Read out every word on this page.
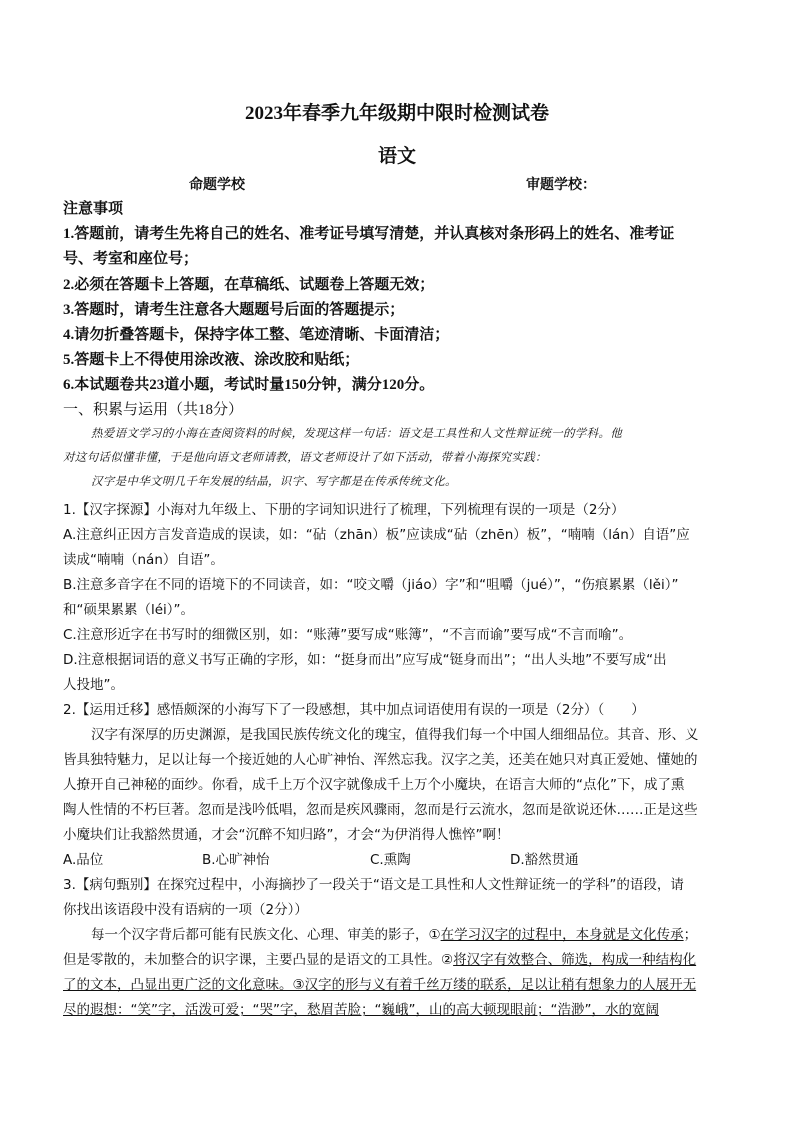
2023年春季九年级期中限时检测试卷
语文
命题学校	审题学校：
注意事项
1.答题前，请考生先将自己的姓名、准考证号填写清楚，并认真核对条形码上的姓名、准考证
号、考室和座位号；
2.必须在答题卡上答题，在草稿纸、试题卷上答题无效；
3.答题时，请考生注意各大题题号后面的答题提示；
4.请勿折叠答题卡，保持字体工整、笔迹清晰、卡面清洁；
5.答题卡上不得使用涂改液、涂改胶和贴纸；
6.本试题卷共23道小题，考试时量150分钟，满分120分。
一、积累与运用（共18分）
热爱语文学习的小海在查阅资料的时候，发现这样一句话：语文是工具性和人文性辩证统一的学科。他
对这句话似懂非懂，于是他向语文老师请教，语文老师设计了如下活动，带着小海探究实践：
汉字是中华文明几千年发展的结晶，识字、写字都是在传承传统文化。
1.【汉字探源】小海对九年级上、下册的字词知识进行了梳理，下列梳理有误的一项是（2分）
A.注意纠正因方言发音造成的误读，如：“砧（zhān）板”应读成“砧（zhēn）板”，“喃喃（lán）自语”应
读成“喃喃（nán）自语”。
B.注意多音字在不同的语境下的不同读音，如：“咬文嚼（jiáo）字”和“咀嚼（jué）”，“伤痕累累（lěi）”
和“硕果累累（léi）”。
C.注意形近字在书写时的细微区别，如：“账薄”要写成“账簿”，“不言而谕”要写成“不言而喻”。
D.注意根据词语的意义书写正确的字形，如：“挺身而出”应写成“铤身而出”；“出人头地”不要写成“出
人投地”。
2.【运用迁移】感悟颇深的小海写下了一段感想，其中加点词语使用有误的一项是（2分）（　　）
汉字有深厚的历史渊源，是我国民族传统文化的瑰宝，值得我们每一个中国人细细品位。其音、形、义
皆具独特魅力，足以让每一个接近她的人心旷神怡、浑然忘我。汉字之美，还美在她只对真正爱她、懂她的
人撩开自己神秘的面纱。你看，成千上万个汉字就像成千上万个小魔块，在语言大师的“点化”下，成了熏
陶人性情的不朽巨著。忽而是浅吟低唱，忽而是疾风骤雨，忽而是行云流水，忽而是欲说还休……正是这些
小魔块们让我豁然贯通，才会“沉醉不知归路”，才会“为伊消得人憔悴”啊！
A.品位	B.心旷神怡	C.熏陶	D.豁然贯通
3.【病句甄别】在探究过程中，小海摘抄了一段关于“语文是工具性和人文性辩证统一的学科”的语段，请
你找出该语段中没有语病的一项（2分））
每一个汉字背后都可能有民族文化、心理、审美的影子，①在学习汉字的过程中，本身就是文化传承；
但是零散的，未加整合的识字课，主要凸显的是语文的工具性。②将汉字有效整合、筛选，构成一种结构化
了的文本，凸显出更广泛的文化意味。③汉字的形与义有着千丝万缕的联系，足以让稍有想象力的人展开无
尽的遐想：“笑”字，活泼可爱；“哭”字，愁眉苦脸；“巍峨”，山的高大顿现眼前；“浩渺”，水的宽阔
